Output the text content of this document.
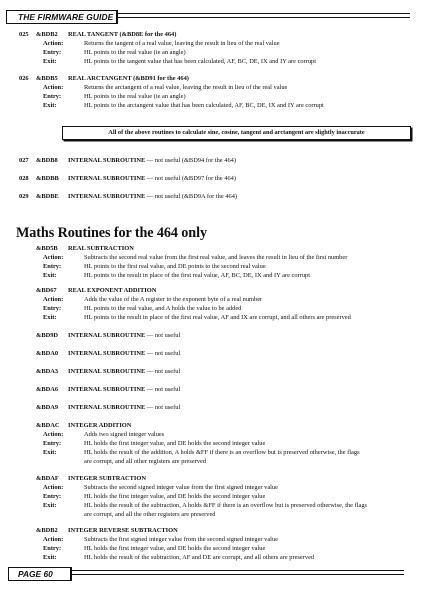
THE FIRMWARE GUIDE
025 &BDB2 REAL TANGENT (&BD8E for the 464)
Action:	Returns the tangent of a real value, leaving the result in lieu of the real value
Entry:	HL points to the real value (ie an angle)
Exit:	HL points to the tangent value that has been calculated, AF, BC, DE, IX and IY are corrupt
026 &BDB5 REAL ARCTANGENT (&BD91 for the 464)
Action:	Returns the arctangent of a real value, leaving the result in lieu of the real value
Entry:	HL points to the real value (ie an angle)
Exit:	HL points to the arctangent value that has been calculated, AF, BC, DE, IX and IY are corrupt
All of the above routines to calculate sine, cosine, tangent and arctangent are slightly inaccurate
027 &BDB8 INTERNAL SUBROUTINE — not useful (&BD94 for the 464)
028 &BDBB INTERNAL SUBROUTINE — not useful (&BD97 for the 464)
029 &BDBE INTERNAL SUBROUTINE — not useful (&BD9A for the 464)
Maths Routines for the 464 only
&BD5B REAL SUBTRACTION
Action:	Subtracts the second real value from the first real value, and leaves the result in lieu of the first number
Entry:	HL points to the first real value, and DE points to the second real value
Exit:	HL points to the result in place of the first real value, AF, BC, DE, IX and IY are corrupt
&BD67 REAL EXPONENT ADDITION
Action:	Adds the value of the A register to the exponent byte of a real number
Entry:	HL points to the real value, and A holds the value to be added
Exit:	HL points to the result in place of the first real value, AF and IX are corrupt, and all others are preserved
&BD9D INTERNAL SUBROUTINE — not useful
&BDA0 INTERNAL SUBROUTINE — not useful
&BDA3 INTERNAL SUBROUTINE — not useful
&BDA6 INTERNAL SUBROUTINE — not useful
&BDA9 INTERNAL SUBROUTINE — not useful
&BDAC INTEGER ADDITION
Action:	Adds two signed integer values
Entry:	HL holds the first integer value, and DE holds the second integer value
Exit:	HL holds the result of the addition, A holds &FF if there is an overflow but is preserved otherwise, the flags
are corrupt, and all other registers are preserved
&BDAF INTEGER SUBTRACTION
Action:	Subtracts the second signed integer value from the first signed integer value
Entry:	HL holds the first integer value, and DE holds the second integer value
Exit:	HL holds the result of the subtraction, A holds &FF if there is an overflow but is preserved otherwise, the flags
are corrupt, and all the other registers are preserved
&BDB2 INTEGER REVERSE SUBTRACTION
Action:	Subtracts the first signed integer value from the second signed integer value
Entry:	HL holds the first integer value, and DE holds the second integer value
Exit:	HL holds the result of the subtraction, AF and DE are corrupt, and all others are preserved
PAGE 60
